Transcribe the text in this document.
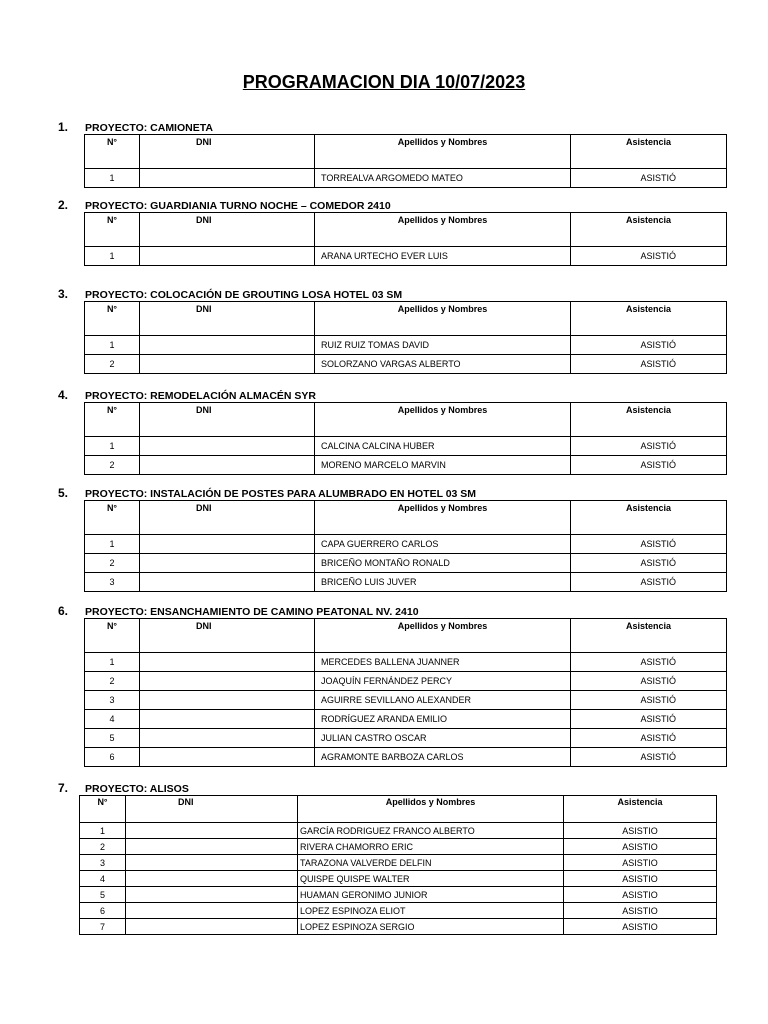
PROGRAMACION DIA 10/07/2023
1. PROYECTO: CAMIONETA
N°	DNI	Apellidos y Nombres	Asistencia
1		TORREALVA ARGOMEDO MATEO	ASISTIÓ
2. PROYECTO: GUARDIANIA TURNO NOCHE – COMEDOR 2410
N°	DNI	Apellidos y Nombres	Asistencia
1		ARANA URTECHO EVER LUIS	ASISTIÓ
3. PROYECTO: COLOCACIÓN DE GROUTING LOSA HOTEL 03 SM
N°	DNI	Apellidos y Nombres	Asistencia
1		RUIZ RUIZ TOMAS DAVID	ASISTIÓ
2		SOLORZANO VARGAS ALBERTO	ASISTIÓ
4. PROYECTO: REMODELACIÓN ALMACÉN SYR
N°	DNI	Apellidos y Nombres	Asistencia
1		CALCINA CALCINA HUBER	ASISTIÓ
2		MORENO MARCELO MARVIN	ASISTIÓ
5. PROYECTO: INSTALACIÓN DE POSTES PARA ALUMBRADO EN HOTEL 03 SM
N°	DNI	Apellidos y Nombres	Asistencia
1		CAPA GUERRERO CARLOS	ASISTIÓ
2		BRICEÑO MONTAÑO RONALD	ASISTIÓ
3		BRICEÑO LUIS JUVER	ASISTIÓ
6. PROYECTO: ENSANCHAMIENTO DE CAMINO PEATONAL NV. 2410
N°	DNI	Apellidos y Nombres	Asistencia
1		MERCEDES BALLENA JUANNER	ASISTIÓ
2		JOAQUÍN FERNÁNDEZ PERCY	ASISTIÓ
3		AGUIRRE SEVILLANO ALEXANDER	ASISTIÓ
4		RODRÍGUEZ ARANDA EMILIO	ASISTIÓ
5		JULIAN CASTRO OSCAR	ASISTIÓ
6		AGRAMONTE BARBOZA CARLOS	ASISTIÓ
7. PROYECTO: ALISOS
N°	DNI	Apellidos y Nombres	Asistencia
1		GARCÍA RODRIGUEZ FRANCO ALBERTO	ASISTIO
2		RIVERA CHAMORRO ERIC	ASISTIO
3		TARAZONA VALVERDE DELFIN	ASISTIO
4		QUISPE QUISPE WALTER	ASISTIO
5		HUAMAN GERONIMO JUNIOR	ASISTIO
6		LOPEZ ESPINOZA ELIOT	ASISTIO
7		LOPEZ ESPINOZA SERGIO	ASISTIO
